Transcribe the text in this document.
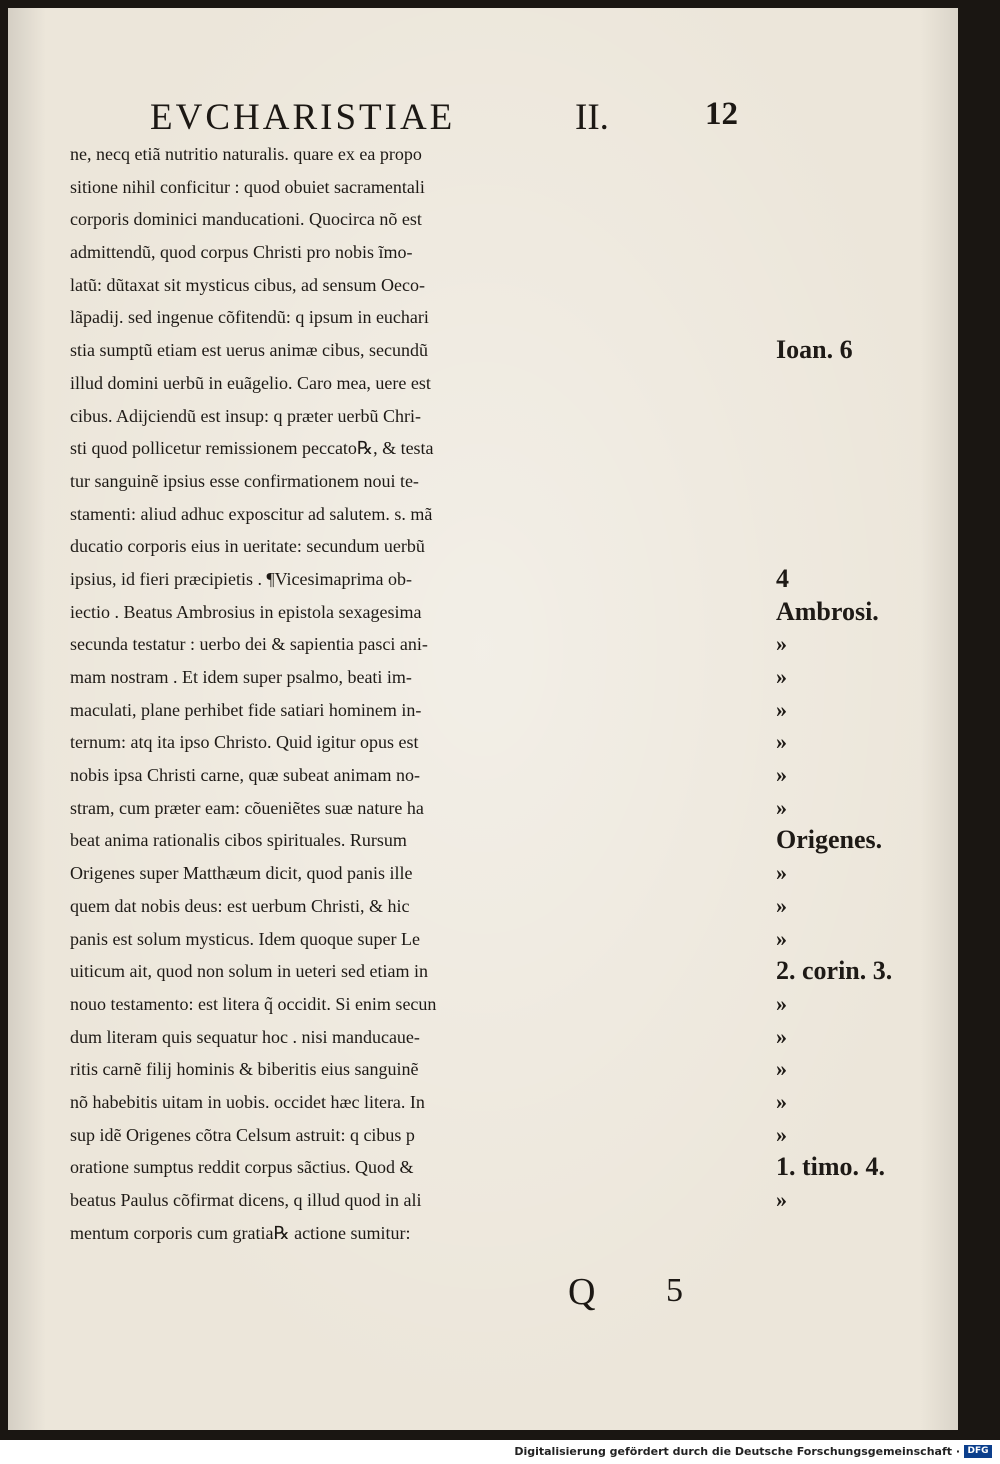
EVCHARISTIAE	II.	12
ne, necq etiã nutritio naturalis. quare ex ea propo
sitione nihil conficitur : quod obuiet sacramentali
corporis dominici manducationi. Quocirca nõ est
admittendũ, quod corpus Christi pro nobis ĩmo-
latũ: dũtaxat sit mysticus cibus, ad sensum Oeco-
lãpadij. sed ingenue cõfitendũ: q ipsum in euchari
stia sumptũ etiam est uerus animæ cibus, secundũ
illud domini uerbũ in euãgelio. Caro mea, uere est
cibus. Adijciendũ est insup: q præter uerbũ Chri-
sti quod pollicetur remissionem peccato℞, & testa
tur sanguinẽ ipsius esse confirmationem noui te-
stamenti: aliud adhuc exposcitur ad salutem. s. mã
ducatio corporis eius in ueritate: secundum uerbũ
ipsius, id fieri præcipietis . ¶Vicesimaprima ob-
iectio . Beatus Ambrosius in epistola sexagesima
secunda testatur : uerbo dei & sapientia pasci ani-
mam nostram . Et idem super psalmo, beati im-
maculati, plane perhibet fide satiari hominem in-
ternum: atq ita ipso Christo. Quid igitur opus est
nobis ipsa Christi carne, quæ subeat animam no-
stram, cum præter eam: cõueniẽtes suæ nature ha
beat anima rationalis cibos spirituales. Rursum
Origenes super Matthæum dicit, quod panis ille
quem dat nobis deus: est uerbum Christi, & hic
panis est solum mysticus. Idem quoque super Le
uiticum ait, quod non solum in ueteri sed etiam in
nouo testamento: est litera q̃ occidit. Si enim secun
dum literam quis sequatur hoc . nisi manducaue-
ritis carnẽ filij hominis & biberitis eius sanguinẽ
nõ habebitis uitam in uobis. occidet hæc litera. In
sup idẽ Origenes cõtra Celsum astruit: q cibus p
oratione sumptus reddit corpus sãctius. Quod &
beatus Paulus cõfirmat dicens, q illud quod in ali
mentum corporis cum gratia℞ actione sumitur:
Ioan. 6
4
Ambrosi.
»
»
»
»
»
»
Origenes.
»
»
»
2. corin. 3.
»
»
»
»
»
1. timo. 4.
»
Q 5
Digitalisierung gefördert durch die Deutsche Forschungsgemeinschaft · DFG
